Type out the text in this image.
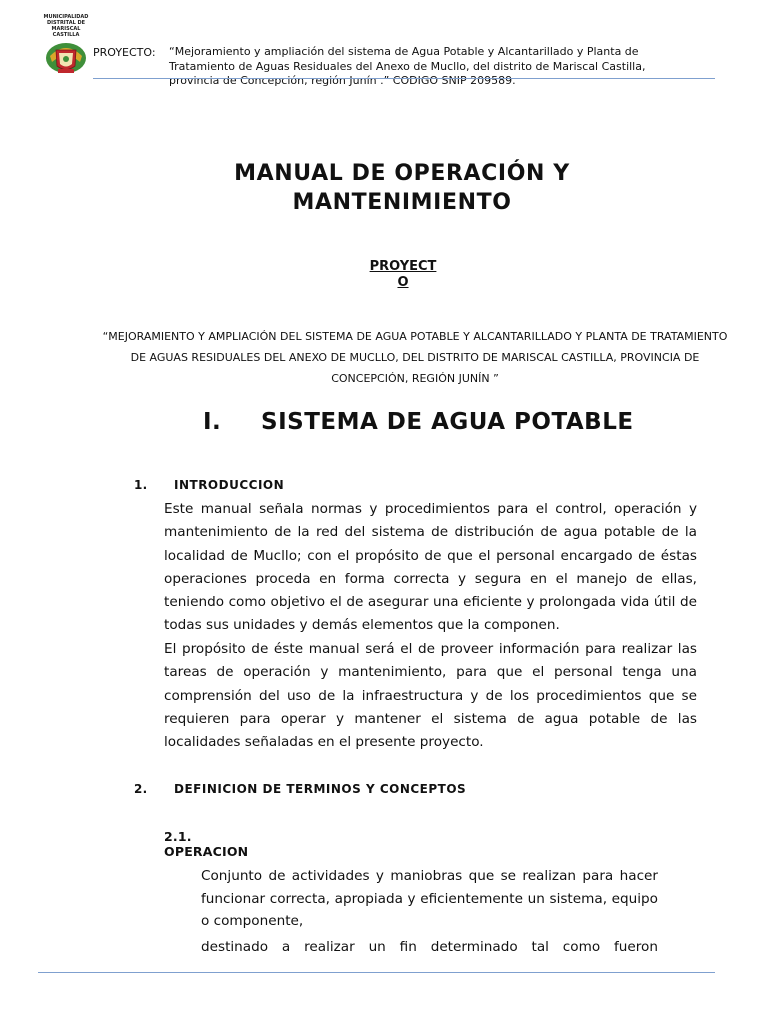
MUNICIPALIDAD
DISTRITAL DE
MARISCAL CASTILLA
PROYECTO: “Mejoramiento y ampliación del sistema de Agua Potable y Alcantarillado y Planta de
Tratamiento de Aguas Residuales del Anexo de Mucllo, del distrito de Mariscal Castilla,
provincia de Concepción, región Junín .” CODIGO SNIP 209589.
MANUAL DE OPERACIÓN Y
MANTENIMIENTO
PROYECT
O
“MEJORAMIENTO Y AMPLIACIÓN DEL SISTEMA DE AGUA POTABLE Y ALCANTARILLADO Y PLANTA DE TRATAMIENTO DE AGUAS RESIDUALES DEL ANEXO DE MUCLLO, DEL DISTRITO DE MARISCAL CASTILLA, PROVINCIA DE CONCEPCIÓN, REGIÓN JUNÍN ”
I. SISTEMA DE AGUA POTABLE
1. INTRODUCCION
Este manual señala normas y procedimientos para el control, operación y mantenimiento de la red del sistema de distribución de agua potable de la localidad de Mucllo; con el propósito de que el personal encargado de éstas operaciones proceda en forma correcta y segura en el manejo de ellas, teniendo como objetivo el de asegurar una eficiente y prolongada vida útil de todas sus unidades y demás elementos que la componen.
El propósito de éste manual será el de proveer información para realizar las tareas de operación y mantenimiento, para que el personal tenga una comprensión del uso de la infraestructura y de los procedimientos que se requieren para operar y mantener el sistema de agua potable de las localidades señaladas en el presente proyecto.
2. DEFINICION DE TERMINOS Y CONCEPTOS
2.1.
OPERACION
Conjunto de actividades y maniobras que se realizan para hacer funcionar correcta, apropiada y eficientemente un sistema, equipo o componente,
destinado a realizar un fin determinado tal como fueron
